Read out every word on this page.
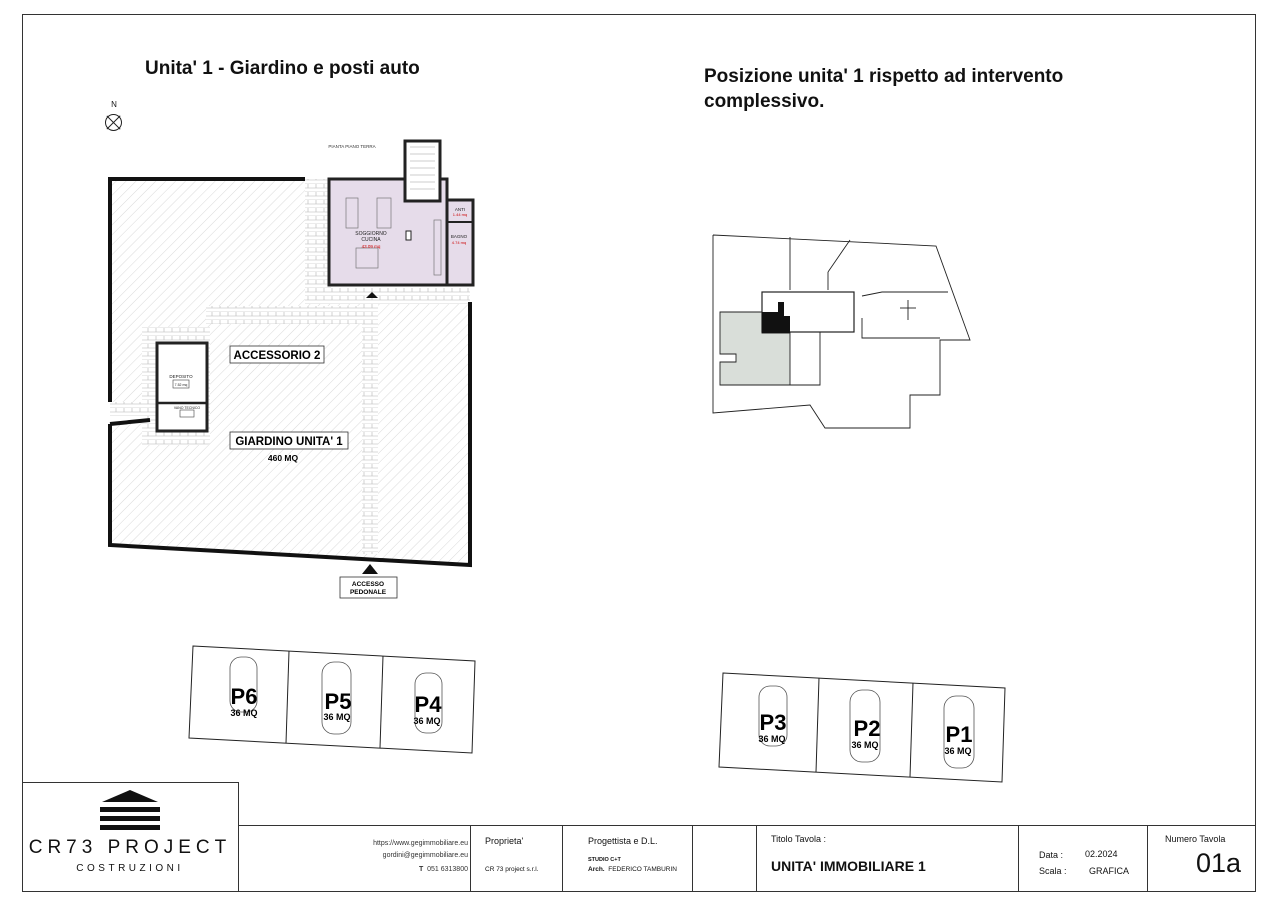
Unita' 1 - Giardino e posti auto	Posizione unita' 1 rispetto ad intervento complessivo.
N
PIANTA PIANO TERRA
SOGGIORNO
CUCINA
43.09 mq
ANTI
1.44 mq
BAGNO
4.74 mq
DEPOSITO
7.52 mq
VANO TECNICO
ACCESSORIO 2
GIARDINO UNITA' 1
460 MQ
ACCESSO
PEDONALE
P6
36 MQ	P5
36 MQ	P4
36 MQ	P3
36 MQ	P2
36 MQ	P1
36 MQ
CR73 PROJECT
COSTRUZIONI
https://www.gegimmobiliare.eu
gordini@gegimmobiliare.eu
T 051 6313800
Proprieta'
CR 73 project s.r.l.
Progettista e D.L.
STUDIO C+T
Arch. FEDERICO TAMBURIN
Titolo Tavola :
UNITA' IMMOBILIARE 1
Data : 02.2024
Scala : GRAFICA
Numero Tavola
01a
